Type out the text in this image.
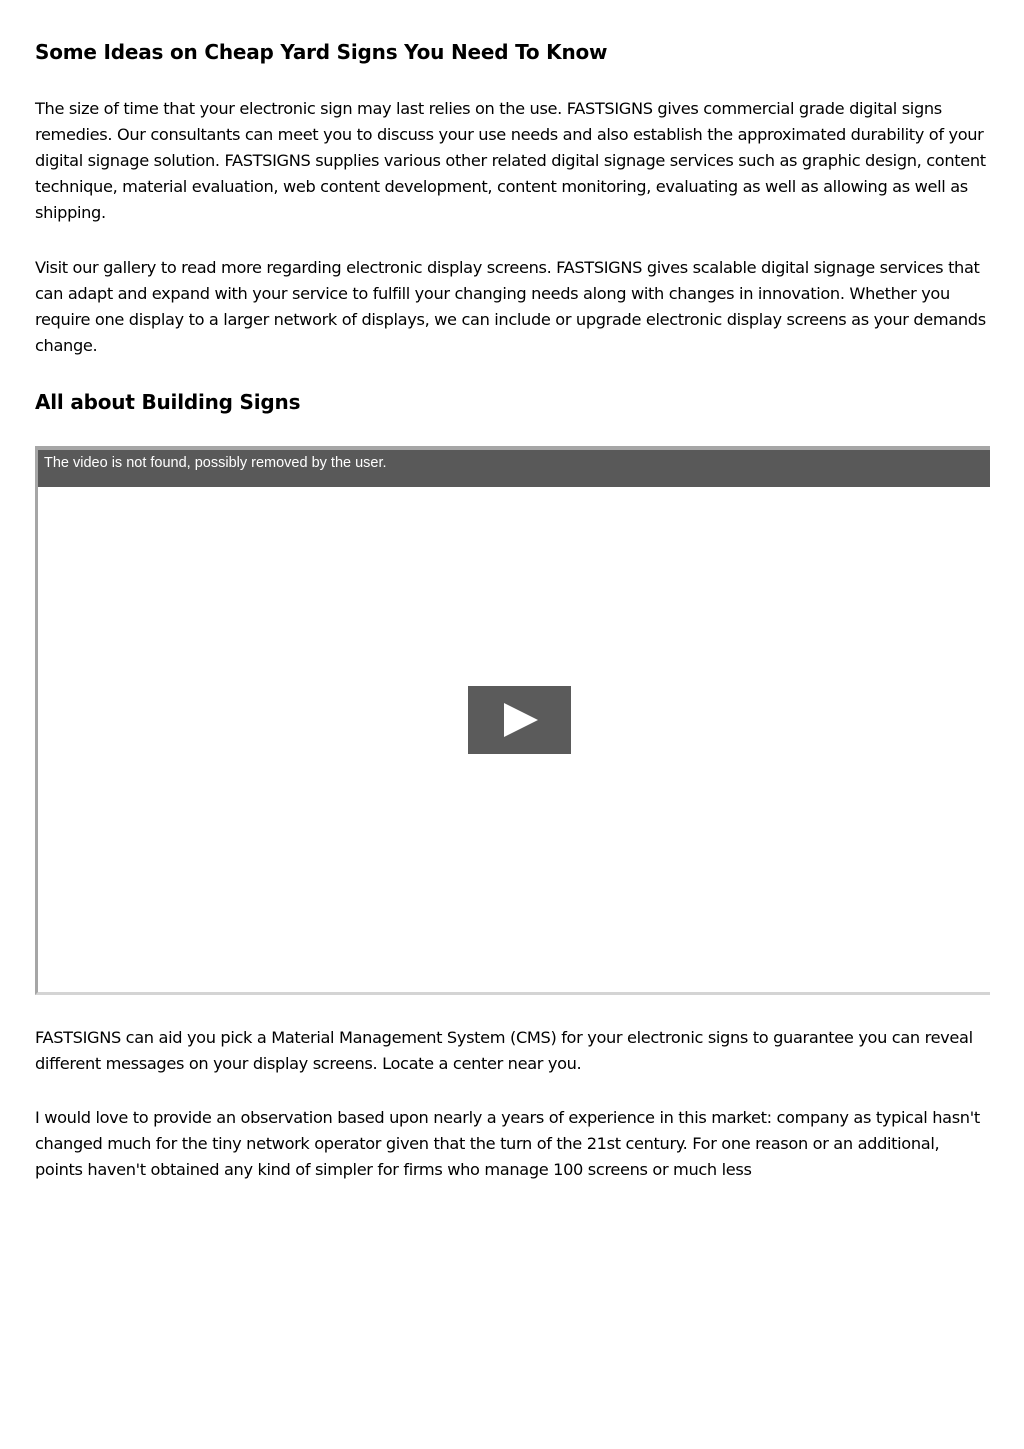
Some Ideas on Cheap Yard Signs You Need To Know

The size of time that your electronic sign may last relies on the use. FASTSIGNS gives commercial grade digital signs remedies. Our consultants can meet you to discuss your use needs and also establish the approximated durability of your digital signage solution. FASTSIGNS supplies various other related digital signage services such as graphic design, content technique, material evaluation, web content development, content monitoring, evaluating as well as allowing as well as shipping.

Visit our gallery to read more regarding electronic display screens. FASTSIGNS gives scalable digital signage services that can adapt and expand with your service to fulfill your changing needs along with changes in innovation. Whether you require one display to a larger network of displays, we can include or upgrade electronic display screens as your demands change.

All about Building Signs
The video is not found, possibly removed by the user.

FASTSIGNS can aid you pick a Material Management System (CMS) for your electronic signs to guarantee you can reveal different messages on your display screens. Locate a center near you.

I would love to provide an observation based upon nearly a years of experience in this market: company as typical hasn't changed much for the tiny network operator given that the turn of the 21st century. For one reason or an additional, points haven't obtained any kind of simpler for firms who manage 100 screens or much less
